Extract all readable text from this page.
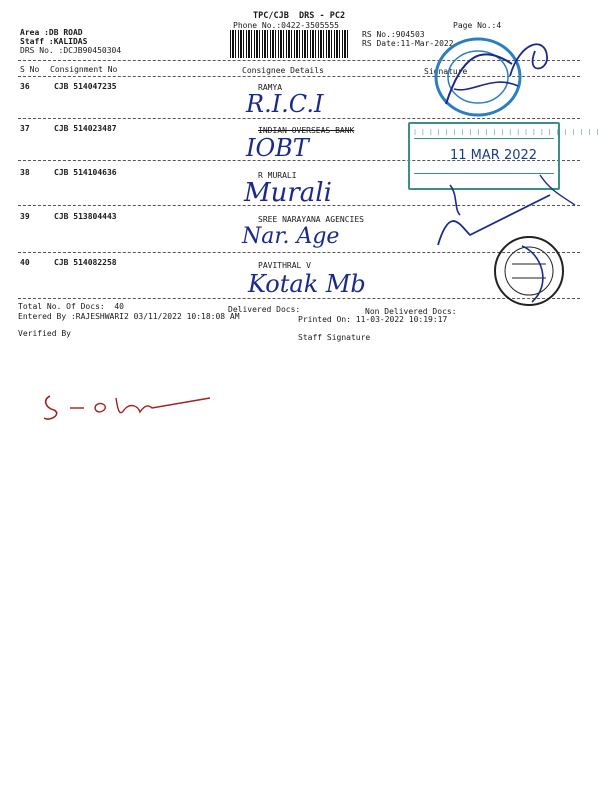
TPC/CJB  DRS - PC2
Phone No.:0422-3505555	Page No.:4
Area :DB ROAD
Staff :KALIDAS
DRS No. :DCJB90450304
RS No.:904503
RS Date:11-Mar-2022
S No Consignment No	Consignee Details	Signature
36	CJB 514047235	RAMYA
R.I.C.I
37	CJB 514023487	INDIAN OVERSEAS BANK
IOBT
38	CJB 514104636	R MURALI
Murali
39	CJB 513804443	SREE NARAYANA AGENCIES
Nar. Age
40	CJB 514082258	PAVITHRAL V
Kotak Mb
Total No. Of Docs:  40	Delivered Docs:	Non Delivered Docs:
Entered By :RAJESHWARI2 03/11/2022 10:18:08 AM	Printed On: 11-03-2022 10:19:17
Verified By	Staff Signature
| | | | | | | | | | | | | | | | | | | | | | | |
11 MAR 2022
